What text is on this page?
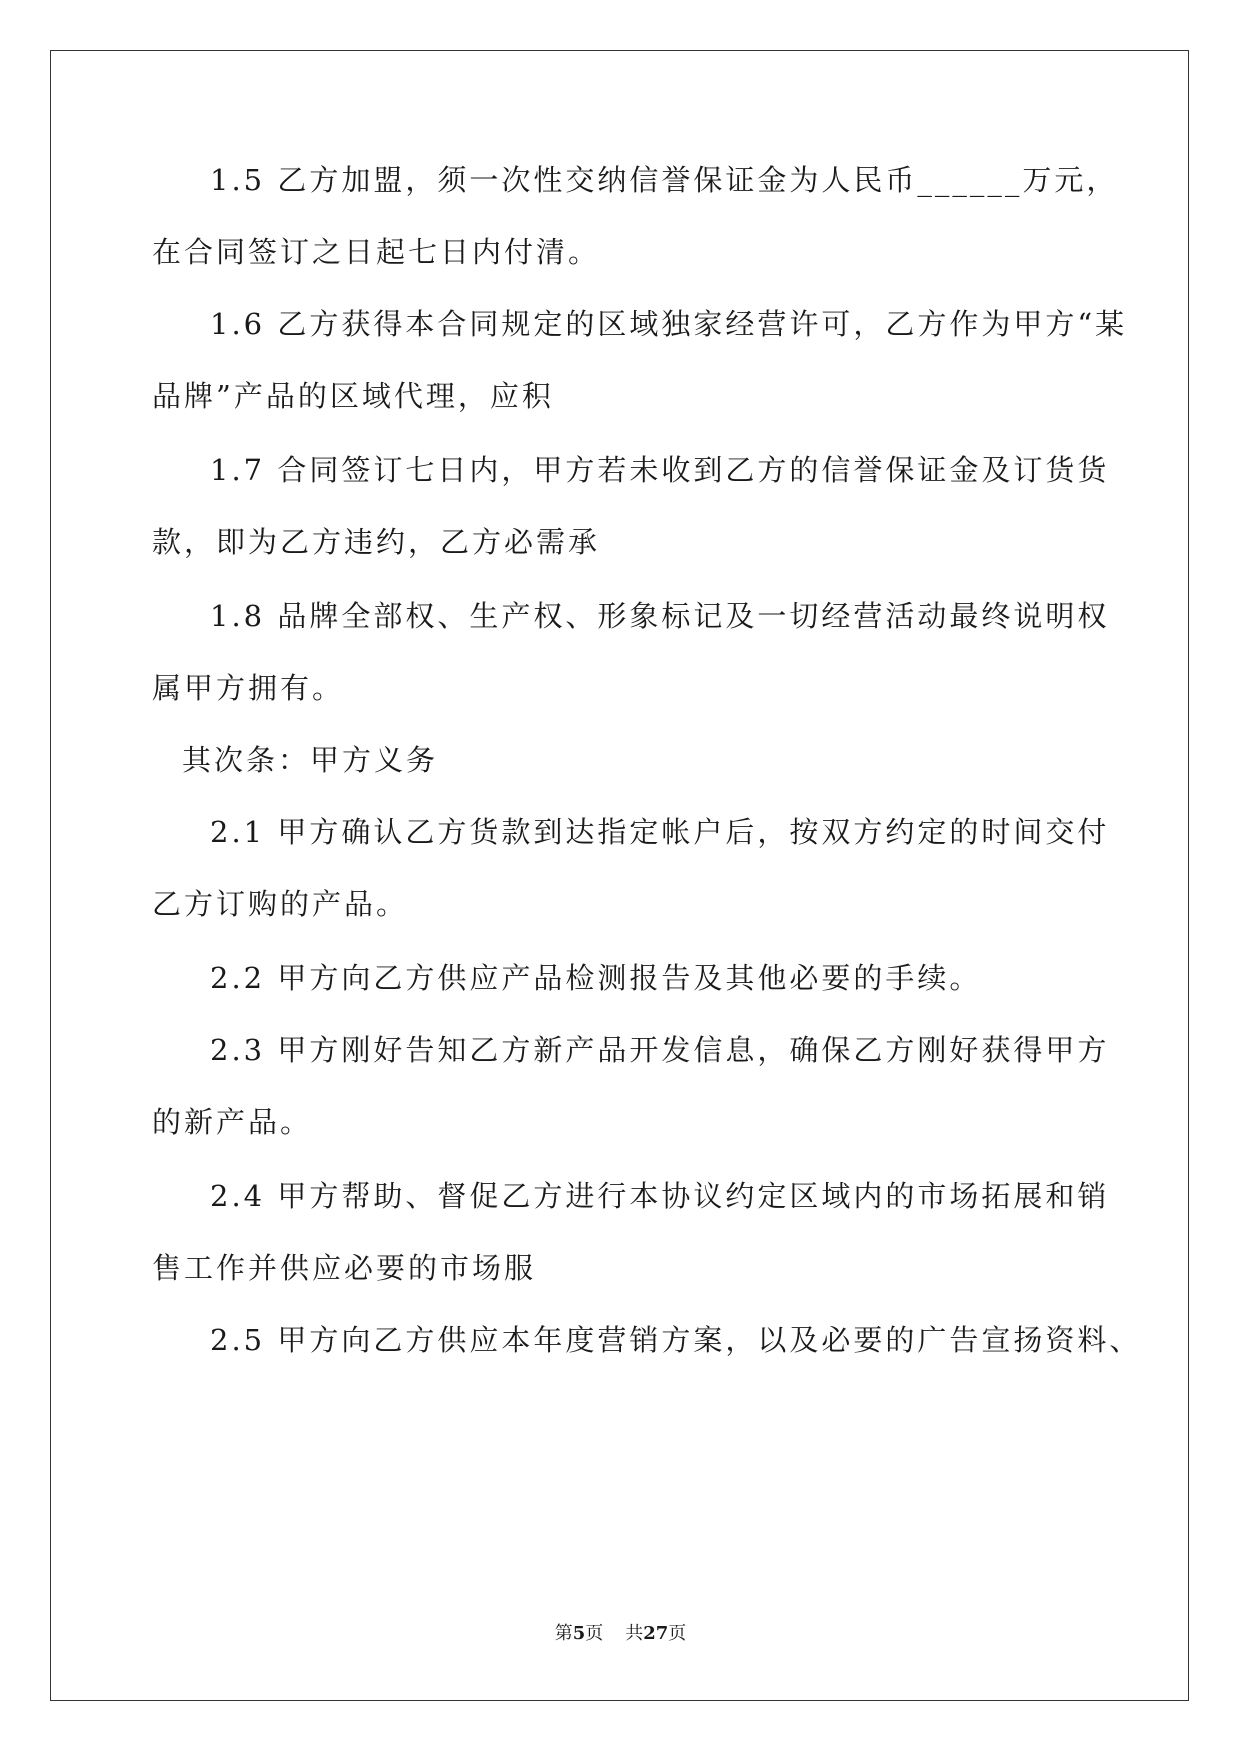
1.5 乙方加盟，须一次性交纳信誉保证金为人民币______万元，
在合同签订之日起七日内付清。
1.6 乙方获得本合同规定的区域独家经营许可，乙方作为甲方“某
品牌”产品的区域代理，应积
1.7 合同签订七日内，甲方若未收到乙方的信誉保证金及订货货
款，即为乙方违约，乙方必需承
1.8 品牌全部权、生产权、形象标记及一切经营活动最终说明权
属甲方拥有。
其次条：甲方义务
2.1 甲方确认乙方货款到达指定帐户后，按双方约定的时间交付
乙方订购的产品。
2.2 甲方向乙方供应产品检测报告及其他必要的手续。
2.3 甲方刚好告知乙方新产品开发信息，确保乙方刚好获得甲方
的新产品。
2.4 甲方帮助、督促乙方进行本协议约定区域内的市场拓展和销
售工作并供应必要的市场服
2.5 甲方向乙方供应本年度营销方案，以及必要的广告宣扬资料、
第5页 共27页
